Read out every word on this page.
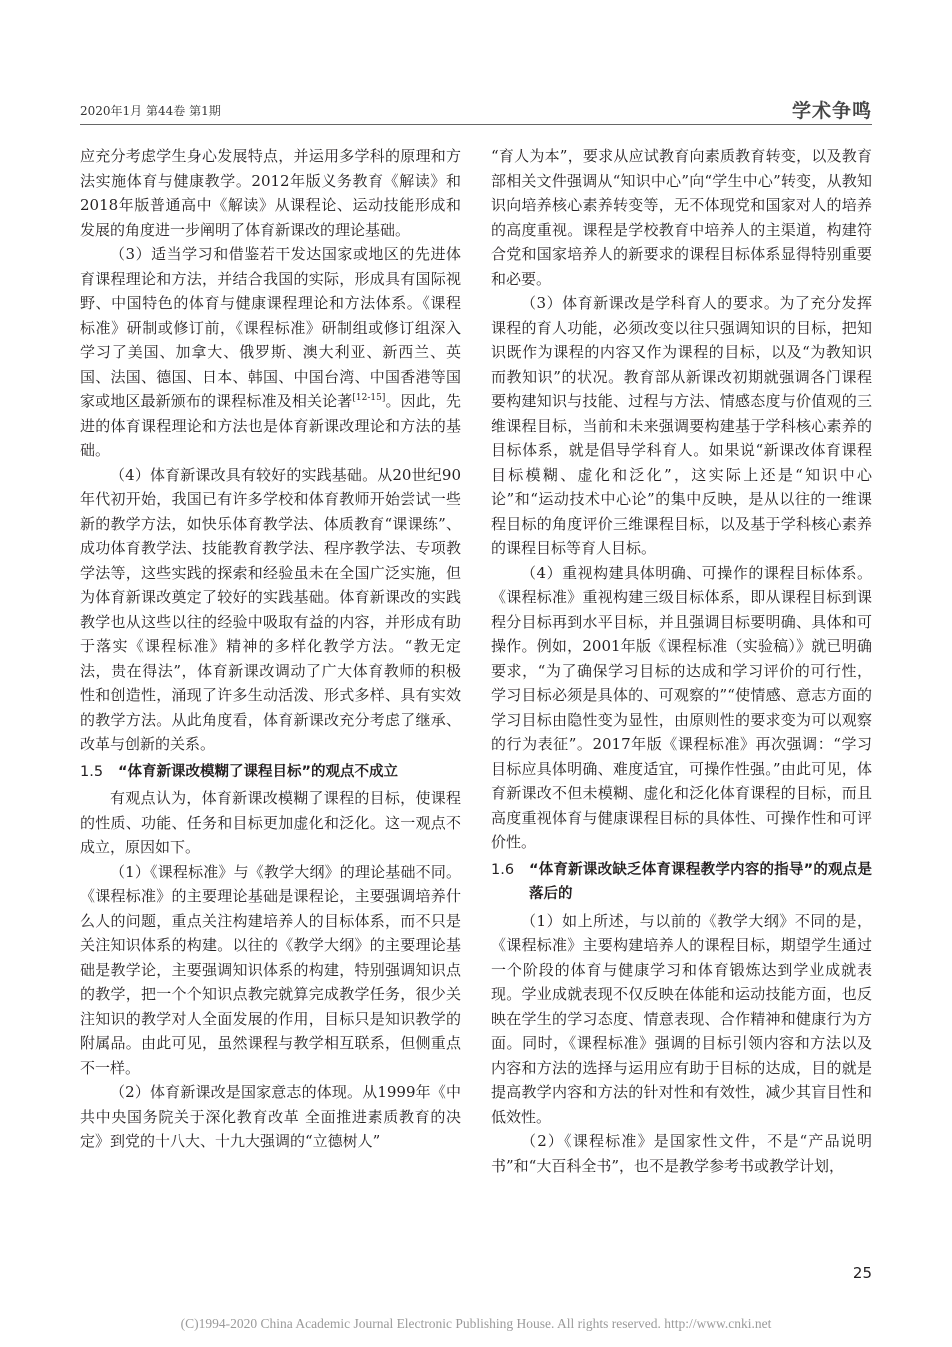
2020年1月 第44卷 第1期	学术争鸣

应充分考虑学生身心发展特点，并运用多学科的原理和方法实施体育与健康教学。2012年版义务教育《解读》和2018年版普通高中《解读》从课程论、运动技能形成和发展的角度进一步阐明了体育新课改的理论基础。

（3）适当学习和借鉴若干发达国家或地区的先进体育课程理论和方法，并结合我国的实际，形成具有国际视野、中国特色的体育与健康课程理论和方法体系。《课程标准》研制或修订前，《课程标准》研制组或修订组深入学习了美国、加拿大、俄罗斯、澳大利亚、新西兰、英国、法国、德国、日本、韩国、中国台湾、中国香港等国家或地区最新颁布的课程标准及相关论著[12-15]。因此，先进的体育课程理论和方法也是体育新课改理论和方法的基础。

（4）体育新课改具有较好的实践基础。从20世纪90年代初开始，我国已有许多学校和体育教师开始尝试一些新的教学方法，如快乐体育教学法、体质教育“课课练”、成功体育教学法、技能教育教学法、程序教学法、专项教学法等，这些实践的探索和经验虽未在全国广泛实施，但为体育新课改奠定了较好的实践基础。体育新课改的实践教学也从这些以往的经验中吸取有益的内容，并形成有助于落实《课程标准》精神的多样化教学方法。“教无定法，贵在得法”，体育新课改调动了广大体育教师的积极性和创造性，涌现了许多生动活泼、形式多样、具有实效的教学方法。从此角度看，体育新课改充分考虑了继承、改革与创新的关系。

1.5	“体育新课改模糊了课程目标”的观点不成立

有观点认为，体育新课改模糊了课程的目标，使课程的性质、功能、任务和目标更加虚化和泛化。这一观点不成立，原因如下。

（1）《课程标准》与《教学大纲》的理论基础不同。《课程标准》的主要理论基础是课程论，主要强调培养什么人的问题，重点关注构建培养人的目标体系，而不只是关注知识体系的构建。以往的《教学大纲》的主要理论基础是教学论，主要强调知识体系的构建，特别强调知识点的教学，把一个个知识点教完就算完成教学任务，很少关注知识的教学对人全面发展的作用，目标只是知识教学的附属品。由此可见，虽然课程与教学相互联系，但侧重点不一样。

（2）体育新课改是国家意志的体现。从1999年《中共中央国务院关于深化教育改革 全面推进素质教育的决定》到党的十八大、十九大强调的“立德树人”

“育人为本”，要求从应试教育向素质教育转变，以及教育部相关文件强调从“知识中心”向“学生中心”转变，从教知识向培养核心素养转变等，无不体现党和国家对人的培养的高度重视。课程是学校教育中培养人的主渠道，构建符合党和国家培养人的新要求的课程目标体系显得特别重要和必要。

（3）体育新课改是学科育人的要求。为了充分发挥课程的育人功能，必须改变以往只强调知识的目标，把知识既作为课程的内容又作为课程的目标，以及“为教知识而教知识”的状况。教育部从新课改初期就强调各门课程要构建知识与技能、过程与方法、情感态度与价值观的三维课程目标，当前和未来强调要构建基于学科核心素养的目标体系，就是倡导学科育人。如果说“新课改体育课程目标模糊、虚化和泛化”，这实际上还是“知识中心论”和“运动技术中心论”的集中反映，是从以往的一维课程目标的角度评价三维课程目标，以及基于学科核心素养的课程目标等育人目标。

（4）重视构建具体明确、可操作的课程目标体系。《课程标准》重视构建三级目标体系，即从课程目标到课程分目标再到水平目标，并且强调目标要明确、具体和可操作。例如，2001年版《课程标准（实验稿）》就已明确要求，“为了确保学习目标的达成和学习评价的可行性，学习目标必须是具体的、可观察的”“使情感、意志方面的学习目标由隐性变为显性，由原则性的要求变为可以观察的行为表征”。2017年版《课程标准》再次强调：“学习目标应具体明确、难度适宜，可操作性强。”由此可见，体育新课改不但未模糊、虚化和泛化体育课程的目标，而且高度重视体育与健康课程目标的具体性、可操作性和可评价性。

1.6	“体育新课改缺乏体育课程教学内容的指导”的观点是落后的

（1）如上所述，与以前的《教学大纲》不同的是，《课程标准》主要构建培养人的课程目标，期望学生通过一个阶段的体育与健康学习和体育锻炼达到学业成就表现。学业成就表现不仅反映在体能和运动技能方面，也反映在学生的学习态度、情意表现、合作精神和健康行为方面。同时，《课程标准》强调的目标引领内容和方法以及内容和方法的选择与运用应有助于目标的达成，目的就是提高教学内容和方法的针对性和有效性，减少其盲目性和低效性。

（2）《课程标准》是国家性文件，不是“产品说明书”和“大百科全书”，也不是教学参考书或教学计划，

25
(C)1994-2020 China Academic Journal Electronic Publishing House. All rights reserved. http://www.cnki.net
